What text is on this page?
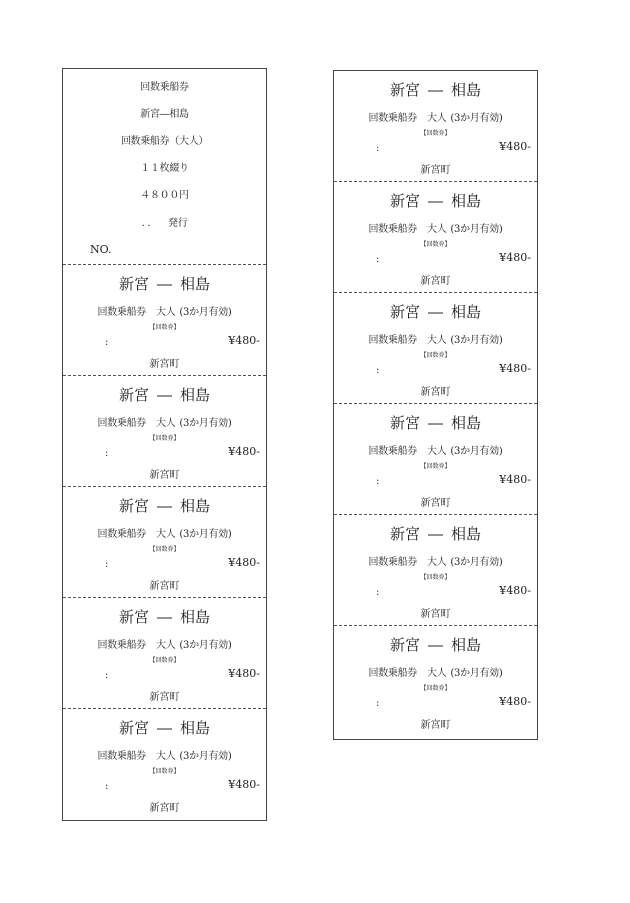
回数乗船券
新宮―相島
回数乗船券（大人）
１１枚綴り
４８００円
. . 発行
NO.
新宮 ― 相島
回数乗船券 大人 (3か月有効)
【回数券】
:	¥480-
新宮町
新宮 ― 相島
回数乗船券 大人 (3か月有効)
【回数券】
:	¥480-
新宮町
新宮 ― 相島
回数乗船券 大人 (3か月有効)
【回数券】
:	¥480-
新宮町
新宮 ― 相島
回数乗船券 大人 (3か月有効)
【回数券】
:	¥480-
新宮町
新宮 ― 相島
回数乗船券 大人 (3か月有効)
【回数券】
:	¥480-
新宮町
新宮 ― 相島
回数乗船券 大人 (3か月有効)
【回数券】
:	¥480-
新宮町
新宮 ― 相島
回数乗船券 大人 (3か月有効)
【回数券】
:	¥480-
新宮町
新宮 ― 相島
回数乗船券 大人 (3か月有効)
【回数券】
:	¥480-
新宮町
新宮 ― 相島
回数乗船券 大人 (3か月有効)
【回数券】
:	¥480-
新宮町
新宮 ― 相島
回数乗船券 大人 (3か月有効)
【回数券】
:	¥480-
新宮町
新宮 ― 相島
回数乗船券 大人 (3か月有効)
【回数券】
:	¥480-
新宮町
